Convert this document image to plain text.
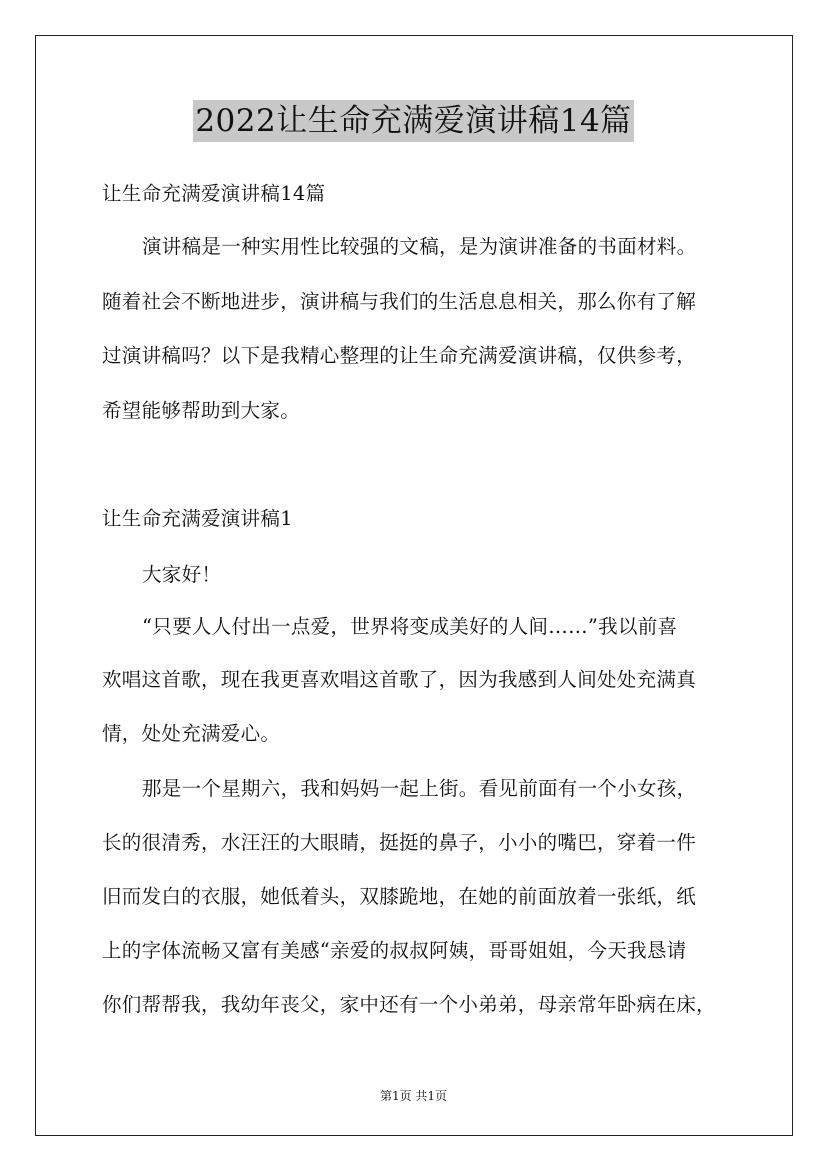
2022让生命充满爱演讲稿14篇
让生命充满爱演讲稿14篇
演讲稿是一种实用性比较强的文稿，是为演讲准备的书面材料。
随着社会不断地进步，演讲稿与我们的生活息息相关，那么你有了解
过演讲稿吗？以下是我精心整理的让生命充满爱演讲稿，仅供参考，
希望能够帮助到大家。
让生命充满爱演讲稿1
大家好！
“只要人人付出一点爱，世界将变成美好的人间……”我以前喜
欢唱这首歌，现在我更喜欢唱这首歌了，因为我感到人间处处充满真
情，处处充满爱心。
那是一个星期六，我和妈妈一起上街。看见前面有一个小女孩，
长的很清秀，水汪汪的大眼睛，挺挺的鼻子，小小的嘴巴，穿着一件
旧而发白的衣服，她低着头，双膝跪地，在她的前面放着一张纸，纸
上的字体流畅又富有美感“亲爱的叔叔阿姨，哥哥姐姐，今天我恳请
你们帮帮我，我幼年丧父，家中还有一个小弟弟，母亲常年卧病在床，
第1页 共1页
